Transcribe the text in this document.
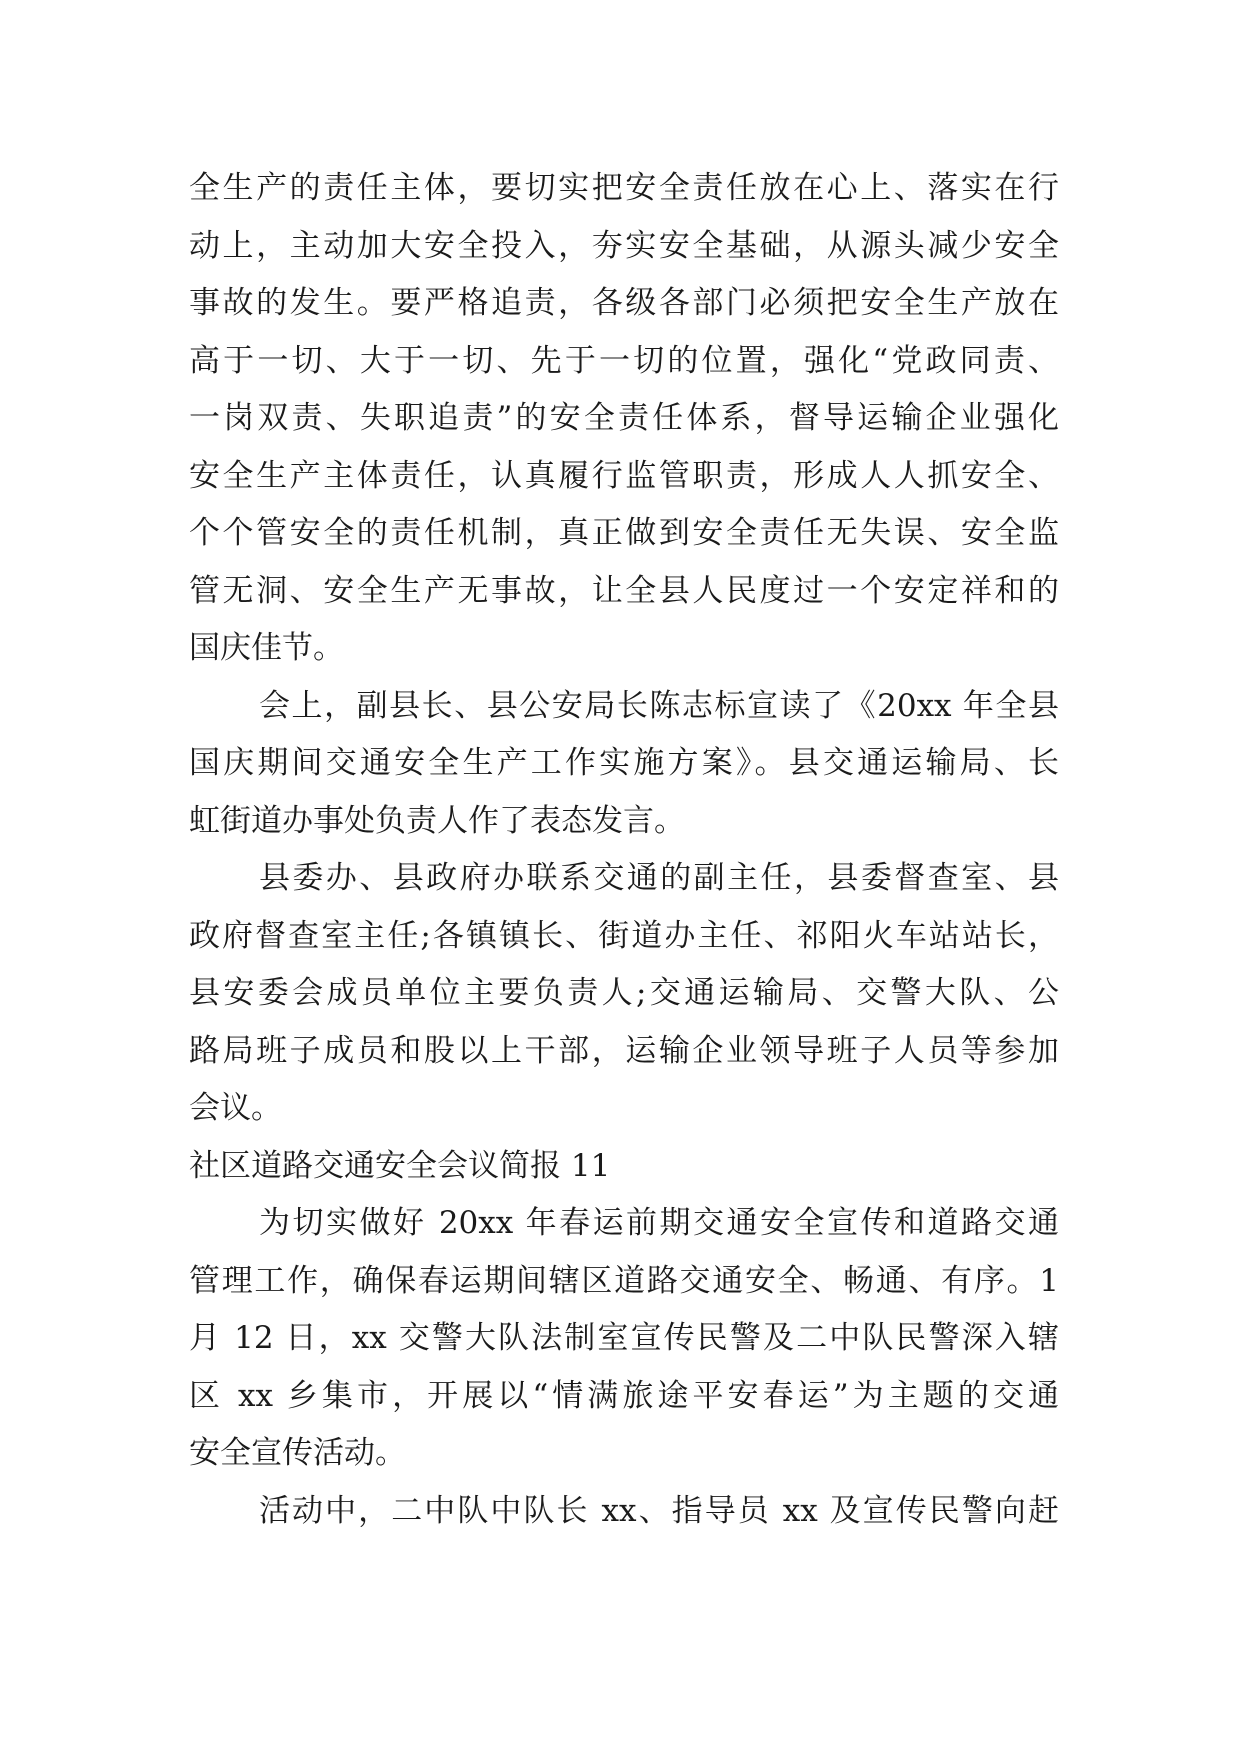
全生产的责任主体，要切实把安全责任放在心上、落实在行
动上，主动加大安全投入，夯实安全基础，从源头减少安全
事故的发生。要严格追责，各级各部门必须把安全生产放在
高于一切、大于一切、先于一切的位置，强化“党政同责、
一岗双责、失职追责”的安全责任体系，督导运输企业强化
安全生产主体责任，认真履行监管职责，形成人人抓安全、
个个管安全的责任机制，真正做到安全责任无失误、安全监
管无洞、安全生产无事故，让全县人民度过一个安定祥和的
国庆佳节。
会上，副县长、县公安局长陈志标宣读了《20xx 年全县
国庆期间交通安全生产工作实施方案》。县交通运输局、长
虹街道办事处负责人作了表态发言。
县委办、县政府办联系交通的副主任，县委督查室、县
政府督查室主任;各镇镇长、街道办主任、祁阳火车站站长，
县安委会成员单位主要负责人;交通运输局、交警大队、公
路局班子成员和股以上干部，运输企业领导班子人员等参加
会议。
社区道路交通安全会议简报 11
为切实做好 20xx 年春运前期交通安全宣传和道路交通
管理工作，确保春运期间辖区道路交通安全、畅通、有序。1
月 12 日，xx 交警大队法制室宣传民警及二中队民警深入辖
区 xx 乡集市，开展以“情满旅途平安春运”为主题的交通
安全宣传活动。
活动中，二中队中队长 xx、指导员 xx 及宣传民警向赶
